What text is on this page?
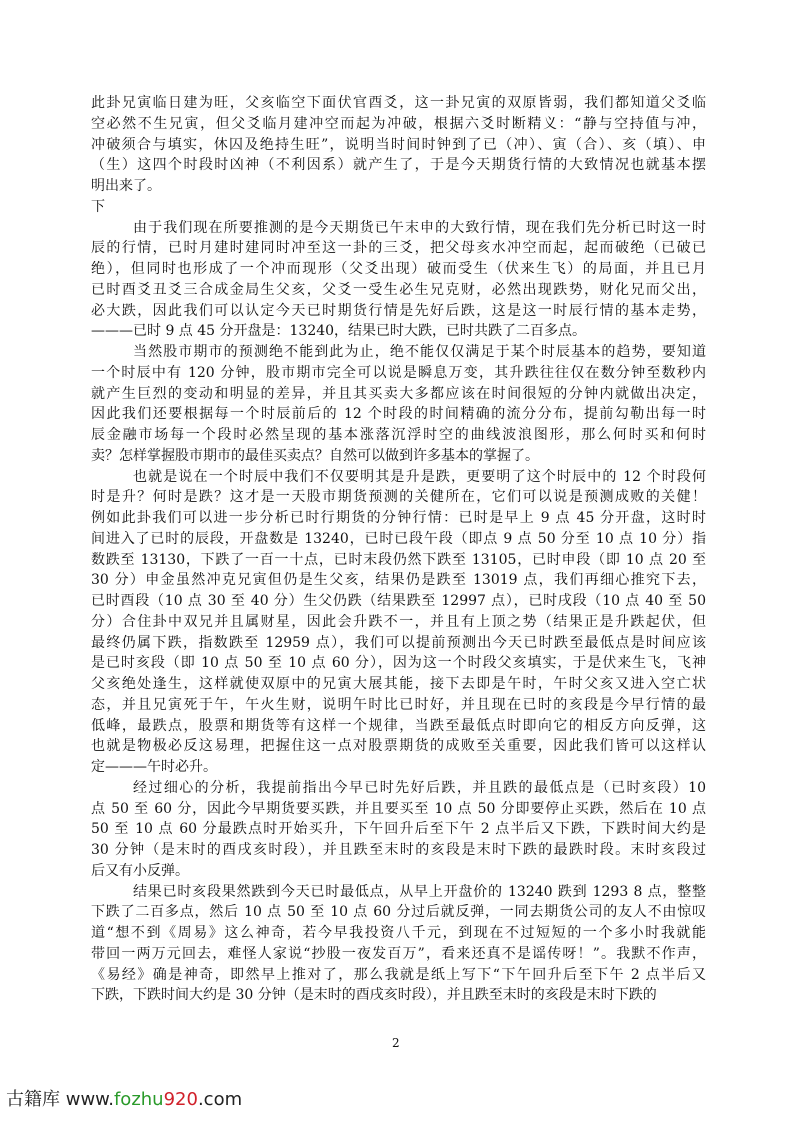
此卦兄寅临日建为旺，父亥临空下面伏官酉爻，这一卦兄寅的双原皆弱，我们都知道父爻临
空必然不生兄寅，但父爻临月建冲空而起为冲破，根据六爻时断精义：“静与空持值与冲，
冲破须合与填实，休囚及绝持生旺”，说明当时间时钟到了已（冲）、寅（合）、亥（填）、申
（生）这四个时段时凶神（不利因系）就产生了，于是今天期货行情的大致情况也就基本摆
明出来了。
下
由于我们现在所要推测的是今天期货已午末申的大致行情，现在我们先分析已时这一时
辰的行情，已时月建时建同时冲至这一卦的三爻，把父母亥水冲空而起，起而破绝（已破已
绝），但同时也形成了一个冲而现形（父爻出现）破而受生（伏来生飞）的局面，并且已月
已时酉爻丑爻三合成金局生父亥，父爻一受生必生兄克财，必然出现跌势，财化兄而父出，
必大跌，因此我们可以认定今天已时期货行情是先好后跌，这是这一时辰行情的基本走势，
———已时 9 点 45 分开盘是：13240，结果已时大跌，已时共跌了二百多点。
当然股市期市的预测绝不能到此为止，绝不能仅仅满足于某个时辰基本的趋势，要知道
一个时辰中有 120 分钟，股市期市完全可以说是瞬息万变，其升跌往往仅在数分钟至数秒内
就产生巨烈的变动和明显的差异，并且其买卖大多都应该在时间很短的分钟内就做出决定，
因此我们还要根据每一个时辰前后的 12 个时段的时间精确的流分分布，提前勾勒出每一时
辰金融市场每一个段时必然呈现的基本涨落沉浮时空的曲线波浪图形，那么何时买和何时
卖？怎样掌握股市期市的最佳买卖点？自然可以做到许多基本的掌握了。
也就是说在一个时辰中我们不仅要明其是升是跌，更要明了这个时辰中的 12 个时段何
时是升？何时是跌？这才是一天股市期货预测的关健所在，它们可以说是预测成败的关健！
例如此卦我们可以进一步分析已时行期货的分钟行情：已时是早上 9 点 45 分开盘，这时时
间进入了已时的辰段，开盘数是 13240，已时已段午段（即点 9 点 50 分至 10 点 10 分）指
数跌至 13130，下跌了一百一十点，已时末段仍然下跌至 13105，已时申段（即 10 点 20 至
30 分）申金虽然冲克兄寅但仍是生父亥，结果仍是跌至 13019 点，我们再细心推究下去，
已时酉段（10 点 30 至 40 分）生父仍跌（结果跌至 12997 点），已时戌段（10 点 40 至 50
分）合住卦中双兄并且属财星，因此会升跌不一，并且有上顶之势（结果正是升跌起伏，但
最终仍属下跌，指数跌至 12959 点），我们可以提前预测出今天已时跌至最低点是时间应该
是已时亥段（即 10 点 50 至 10 点 60 分），因为这一个时段父亥填实，于是伏来生飞，飞神
父亥绝处逢生，这样就使双原中的兄寅大展其能，接下去即是午时，午时父亥又进入空亡状
态，并且兄寅死于午，午火生财，说明午时比已时好，并且现在已时的亥段是今早行情的最
低峰，最跌点，股票和期货等有这样一个规律，当跌至最低点时即向它的相反方向反弹，这
也就是物极必反这易理，把握住这一点对股票期货的成败至关重要，因此我们皆可以这样认
定———午时必升。
经过细心的分析，我提前指出今早已时先好后跌，并且跌的最低点是（已时亥段）10
点 50 至 60 分，因此今早期货要买跌，并且要买至 10 点 50 分即要停止买跌，然后在 10 点
50 至 10 点 60 分最跌点时开始买升，下午回升后至下午 2 点半后又下跌，下跌时间大约是
30 分钟（是末时的酉戌亥时段），并且跌至末时的亥段是末时下跌的最跌时段。末时亥段过
后又有小反弹。
结果已时亥段果然跌到今天已时最低点，从早上开盘价的 13240 跌到 1293 8 点，整整
下跌了二百多点，然后 10 点 50 至 10 点 60 分过后就反弹，一同去期货公司的友人不由惊叹
道“想不到《周易》这么神奇，若今早我投资八千元，到现在不过短短的一个多小时我就能
带回一两万元回去，难怪人家说“抄股一夜发百万”，看来还真不是谣传呀！”。我默不作声，
《易经》确是神奇，即然早上推对了，那么我就是纸上写下“下午回升后至下午 2 点半后又
下跌，下跌时间大约是 30 分钟（是末时的酉戌亥时段），并且跌至末时的亥段是末时下跌的
2
古籍库 www.fozhu920.com
